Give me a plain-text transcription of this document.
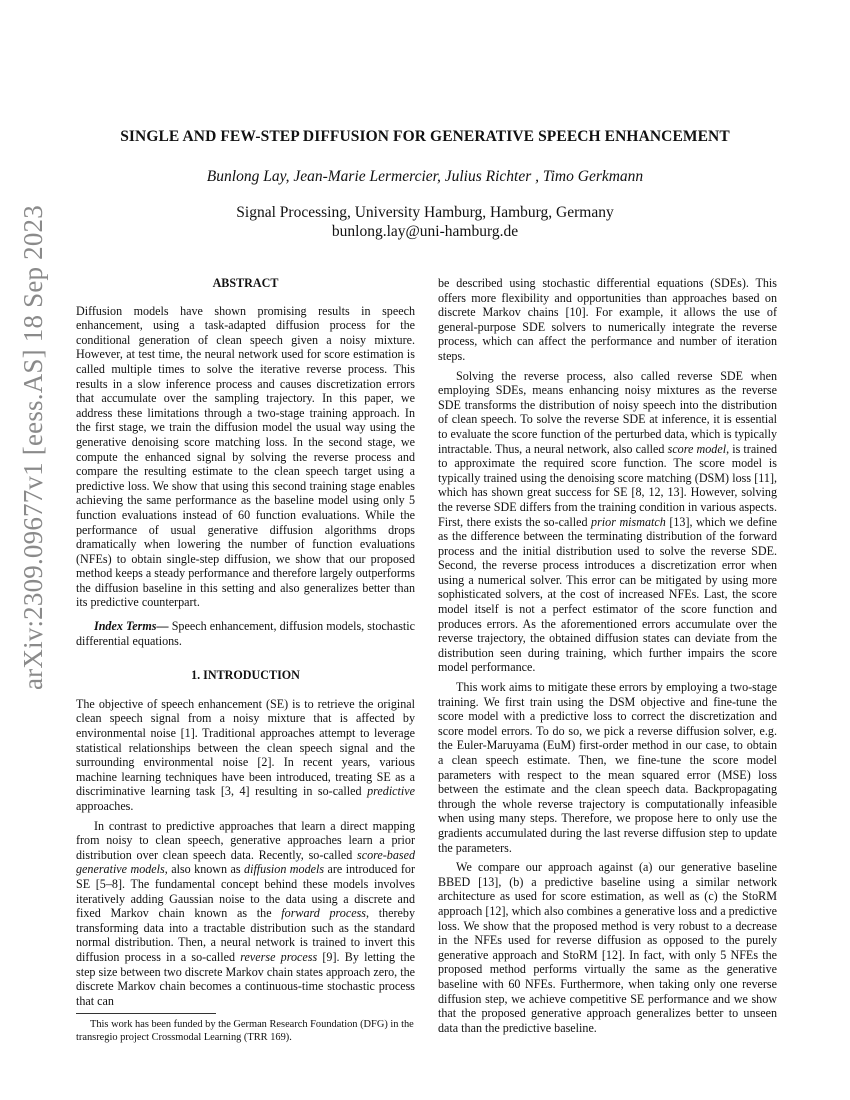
arXiv:2309.09677v1 [eess.AS] 18 Sep 2023
SINGLE AND FEW-STEP DIFFUSION FOR GENERATIVE SPEECH ENHANCEMENT
Bunlong Lay, Jean-Marie Lermercier, Julius Richter , Timo Gerkmann
Signal Processing, University Hamburg, Hamburg, Germany
bunlong.lay@uni-hamburg.de
ABSTRACT

Diffusion models have shown promising results in speech enhancement, using a task-adapted diffusion process for the conditional generation of clean speech given a noisy mixture. However, at test time, the neural network used for score estimation is called multiple times to solve the iterative reverse process. This results in a slow inference process and causes discretization errors that accumulate over the sampling trajectory. In this paper, we address these limitations through a two-stage training approach. In the first stage, we train the diffusion model the usual way using the generative denoising score matching loss. In the second stage, we compute the enhanced signal by solving the reverse process and compare the resulting estimate to the clean speech target using a predictive loss. We show that using this second training stage enables achieving the same performance as the baseline model using only 5 function evaluations instead of 60 function evaluations. While the performance of usual generative diffusion algorithms drops dramatically when lowering the number of function evaluations (NFEs) to obtain single-step diffusion, we show that our proposed method keeps a steady performance and therefore largely outperforms the diffusion baseline in this setting and also generalizes better than its predictive counterpart.

Index Terms— Speech enhancement, diffusion models, stochastic differential equations.

1. INTRODUCTION

The objective of speech enhancement (SE) is to retrieve the original clean speech signal from a noisy mixture that is affected by environmental noise [1]. Traditional approaches attempt to leverage statistical relationships between the clean speech signal and the surrounding environmental noise [2]. In recent years, various machine learning techniques have been introduced, treating SE as a discriminative learning task [3, 4] resulting in so-called predictive approaches.

In contrast to predictive approaches that learn a direct mapping from noisy to clean speech, generative approaches learn a prior distribution over clean speech data. Recently, so-called score-based generative models, also known as diffusion models are introduced for SE [5–8]. The fundamental concept behind these models involves iteratively adding Gaussian noise to the data using a discrete and fixed Markov chain known as the forward process, thereby transforming data into a tractable distribution such as the standard normal distribution. Then, a neural network is trained to invert this diffusion process in a so-called reverse process [9]. By letting the step size between two discrete Markov chain states approach zero, the discrete Markov chain becomes a continuous-time stochastic process that can

This work has been funded by the German Research Foundation (DFG) in the transregio project Crossmodal Learning (TRR 169).

be described using stochastic differential equations (SDEs). This offers more flexibility and opportunities than approaches based on discrete Markov chains [10]. For example, it allows the use of general-purpose SDE solvers to numerically integrate the reverse process, which can affect the performance and number of iteration steps.

Solving the reverse process, also called reverse SDE when employing SDEs, means enhancing noisy mixtures as the reverse SDE transforms the distribution of noisy speech into the distribution of clean speech. To solve the reverse SDE at inference, it is essential to evaluate the score function of the perturbed data, which is typically intractable. Thus, a neural network, also called score model, is trained to approximate the required score function. The score model is typically trained using the denoising score matching (DSM) loss [11], which has shown great success for SE [8, 12, 13]. However, solving the reverse SDE differs from the training condition in various aspects. First, there exists the so-called prior mismatch [13], which we define as the difference between the terminating distribution of the forward process and the initial distribution used to solve the reverse SDE. Second, the reverse process introduces a discretization error when using a numerical solver. This error can be mitigated by using more sophisticated solvers, at the cost of increased NFEs. Last, the score model itself is not a perfect estimator of the score function and produces errors. As the aforementioned errors accumulate over the reverse trajectory, the obtained diffusion states can deviate from the distribution seen during training, which further impairs the score model performance.

This work aims to mitigate these errors by employing a two-stage training. We first train using the DSM objective and fine-tune the score model with a predictive loss to correct the discretization and score model errors. To do so, we pick a reverse diffusion solver, e.g. the Euler-Maruyama (EuM) first-order method in our case, to obtain a clean speech estimate. Then, we fine-tune the score model parameters with respect to the mean squared error (MSE) loss between the estimate and the clean speech data. Backpropagating through the whole reverse trajectory is computationally infeasible when using many steps. Therefore, we propose here to only use the gradients accumulated during the last reverse diffusion step to update the parameters.

We compare our approach against (a) our generative baseline BBED [13], (b) a predictive baseline using a similar network architecture as used for score estimation, as well as (c) the StoRM approach [12], which also combines a generative loss and a predictive loss. We show that the proposed method is very robust to a decrease in the NFEs used for reverse diffusion as opposed to the purely generative approach and StoRM [12]. In fact, with only 5 NFEs the proposed method performs virtually the same as the generative baseline with 60 NFEs. Furthermore, when taking only one reverse diffusion step, we achieve competitive SE performance and we show that the proposed generative approach generalizes better to unseen data than the predictive baseline.
